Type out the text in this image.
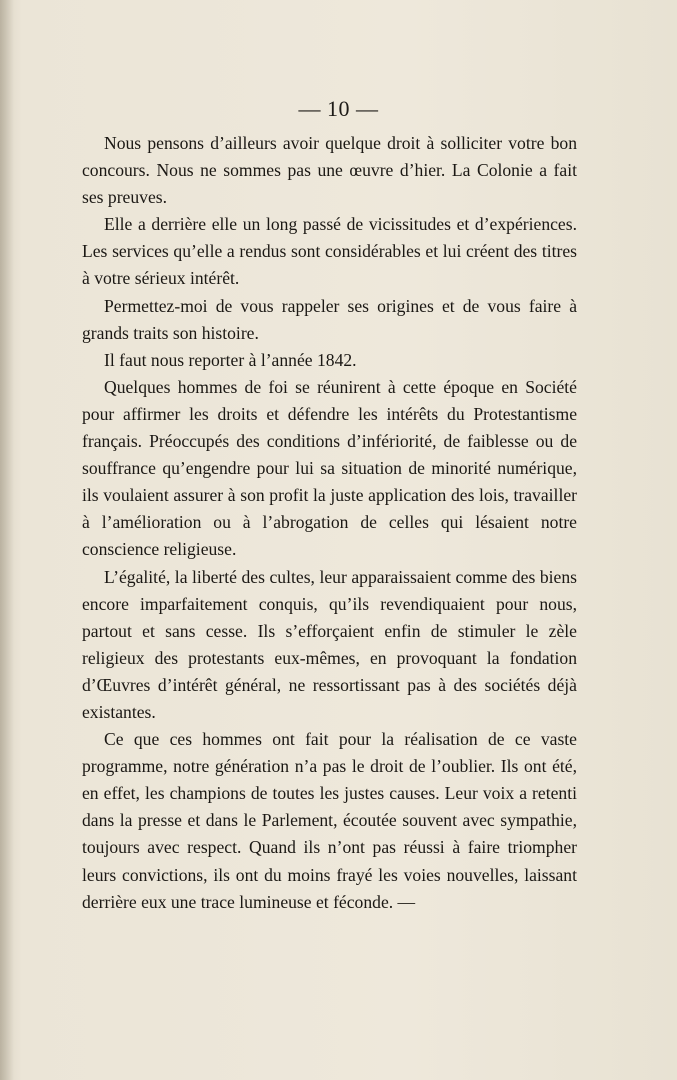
— 10 —

Nous pensons d’ailleurs avoir quelque droit à solliciter votre bon concours. Nous ne sommes pas une œuvre d’hier. La Colonie a fait ses preuves.

Elle a derrière elle un long passé de vicissitudes et d’expériences. Les services qu’elle a rendus sont considérables et lui créent des titres à votre sérieux intérêt.

Permettez-moi de vous rappeler ses origines et de vous faire à grands traits son histoire.

Il faut nous reporter à l’année 1842.

Quelques hommes de foi se réunirent à cette époque en Société pour affirmer les droits et défendre les intérêts du Protestantisme français. Préoccupés des conditions d’infériorité, de faiblesse ou de souffrance qu’engendre pour lui sa situation de minorité numérique, ils voulaient assurer à son profit la juste application des lois, travailler à l’amélioration ou à l’abrogation de celles qui lésaient notre conscience religieuse.

L’égalité, la liberté des cultes, leur apparaissaient comme des biens encore imparfaitement conquis, qu’ils revendiquaient pour nous, partout et sans cesse. Ils s’efforçaient enfin de stimuler le zèle religieux des protestants eux-mêmes, en provoquant la fondation d’Œuvres d’intérêt général, ne ressortissant pas à des sociétés déjà existantes.

Ce que ces hommes ont fait pour la réalisation de ce vaste programme, notre génération n’a pas le droit de l’oublier. Ils ont été, en effet, les champions de toutes les justes causes. Leur voix a retenti dans la presse et dans le Parlement, écoutée souvent avec sympathie, toujours avec respect. Quand ils n’ont pas réussi à faire triompher leurs convictions, ils ont du moins frayé les voies nouvelles, laissant derrière eux une trace lumineuse et féconde. —
